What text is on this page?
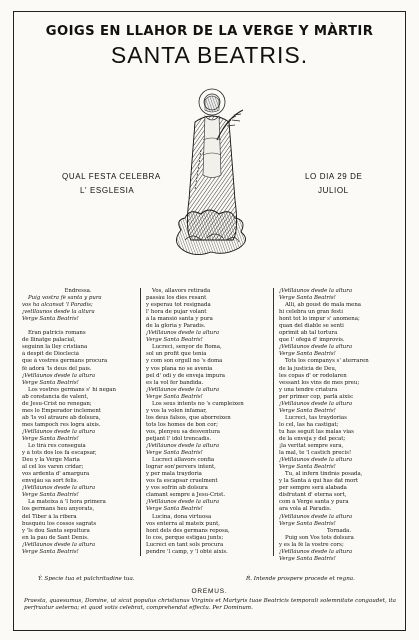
GOIGS EN LLAHOR DE LA VERGE Y MÀRTIR
SANTA BEATRIS.
QUAL FESTA CELEBRA
L' ESGLESIA
LO DIA 29 DE
JULIOL
Endressa.
Puig vostra fé santa y pura
vos ha alcansat 'l Paradís;
¡vetllàunos desde la altura
Verge Santa Beatris!

Eran patricis romans
de llinatge palacial,
seguinn la lley cristiana
à despit de Diocleciá
que à vostres germans procura
fè adorá 'ls deus del país.
¡Vetllàunos desde la altura
Verge Santa Beatris!
Los vostres germans s' hi negan
ab constancia de valent,
de Jesu-Crist no renegan;
mes lo Emperador inclement
ab 'ls vol atraure ab dolsura,
mes tampoch res logra aixis.
¡Vetllàunos desde la altura
Verge Santa Beatris!
Lo tirá res conseguia
y à tots dos los fa escapsar,
Deu y la Verge Maria
al cel los varen cridar;
vos ardenta d' amargura
envejáu sa sort felis.
¡Vetllàunos desde la altura
Verge Santa Beatris!
La mateixa à 'l hora primera
los germans heu anyorats,
del Tiber à la ribera
busquéu los cossos sagrats
y 'ls dou Santa sepultura
en la pau de Sant Denís.
¡Vetllàunos desde la altura
Verge Santa Beatris!
Vos, allavors retirada
passàu los dies resant
y esperau tot resignada
l' hora de pujar volant
à la mansió santa y pura
de la gloria y Paradís.
¡Vetllàunos desde la altura
Verge Santa Beatris!
Lucreci, senyor de Roma,
sol un profit que tenia
y com son orgull no 's doma
y vos plana no se avenia
pel d' odi y de enveja impura
es la vol fer bandida.
¡Vetllàunos desde la altura
Verge Santa Beatris!
Los seus intents no 's cumpleixen
y vos la volen infamar,
los deus falsos, que aborreixen
tots los homes de bon cor;
vos, plenyeu sa desventura
petjant l' idol trencadís.
¡Vetllàunos desde la altura
Verge Santa Beatris!
Lucreci allavors confia
lograr son'pervers intent,
y per mala traydoria
vos fa escapsar cruelment
y vos sofrin ab dolsura
clamant sempre à Jesu-Crist.
¡Vetllàunos desde la altura
Verge Santa Beatris!
Lucina, dona virtuosa
vos enterra al mateix punt,
hont dels des germans reposa,
lo cos, perque estigau junts;
Lucreci en tant sols procura
pendre 'l camp, y 'l obté aixis.
¡Vetllàunos desde la altura
Verge Santa Beatris!
Alli, ab goust de mala mena
hi celebra un gran festí
hont tot lo impur s' anomena;
quan del diable se senti
oprimit ab tal tortura
que l' ofegá d' improvis.
¡Vetllàunos desde la altura
Verge Santa Beatris!
Tots los companys s' aterraren
de la justicia de Deu,
les copas d' or rodolaren
vessant los vins de mes preu;
y una tendre criatura
per primer cop, parlà aixis:
¡Vetllàunos desde la altura
Verge Santa Beatris!
Lucreci, tas traydorias
lo cel, las ha castigat;
tu has seguit las malas vias
de la enveja y del pecat;
¡la veritat sempre sura,
la mal, te 'l castich precis!
¡Vetllàunos desde la altura
Verge Santa Beatris!
Tu, al infern tindrás posada,
y la Santa à qui has dat mort
per sempre será alabada
disfrutant d' eterna sort,
com à Verge santa y pura
ara vola al Paradís.
¡Vetllàunos desde la altura
Verge Santa Beatris!
Tornada.
Puig son Vos tots dolsura
y es la fé la vostre cors;
¡Vetllàunos desde la altura
Verge Santa Beatris!
Ý. Specie tua et pulchritudine tua.	Ŕ. Intende prospere procede et regna.
OREMUS.
Praesta, quaesumus, Domine, ut sicut populus christianus Virginis et Martyris tuae Beatricis temporali solemnitate congaudet, ita perfruatur aeterna; et quod votis celebrat, comprehendat effectu. Per Dominum.
